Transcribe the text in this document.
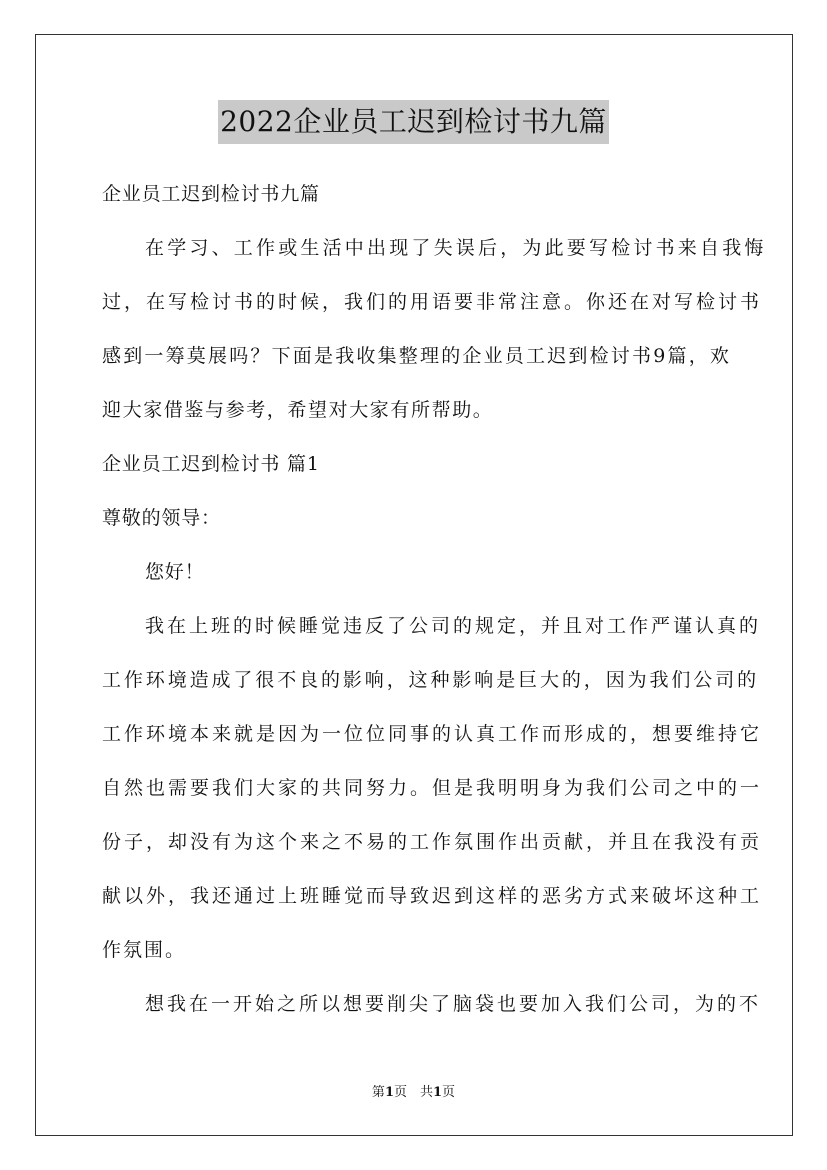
2022企业员工迟到检讨书九篇
企业员工迟到检讨书九篇
在学习、工作或生活中出现了失误后，为此要写检讨书来自我悔
过，在写检讨书的时候，我们的用语要非常注意。你还在对写检讨书
感到一筹莫展吗？下面是我收集整理的企业员工迟到检讨书9篇，欢
迎大家借鉴与参考，希望对大家有所帮助。
企业员工迟到检讨书 篇1
尊敬的领导：
您好！
我在上班的时候睡觉违反了公司的规定，并且对工作严谨认真的
工作环境造成了很不良的影响，这种影响是巨大的，因为我们公司的
工作环境本来就是因为一位位同事的认真工作而形成的，想要维持它
自然也需要我们大家的共同努力。但是我明明身为我们公司之中的一
份子，却没有为这个来之不易的工作氛围作出贡献，并且在我没有贡
献以外，我还通过上班睡觉而导致迟到这样的恶劣方式来破坏这种工
作氛围。
想我在一开始之所以想要削尖了脑袋也要加入我们公司，为的不
第1页　共1页
